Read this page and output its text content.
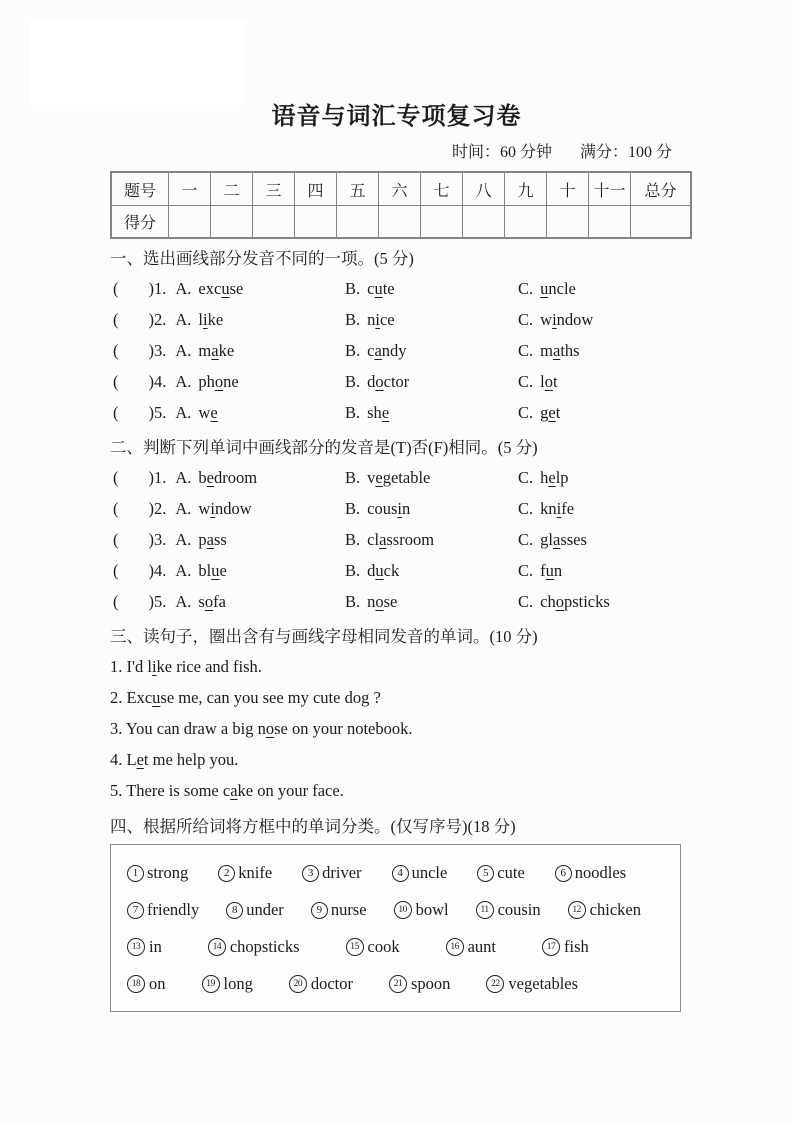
语音与词汇专项复习卷
时间：60 分钟 满分：100 分
题号	一	二	三	四	五	六	七	八	九	十	十一	总分
得分												
一、选出画线部分发音不同的一项。(5 分)
( )1. A. excuse	B. cute	C. uncle
( )2. A. like	B. nice	C. window
( )3. A. make	B. candy	C. maths
( )4. A. phone	B. doctor	C. lot
( )5. A. we	B. she	C. get
二、判断下列单词中画线部分的发音是(T)否(F)相同。(5 分)
( )1. A. bedroom	B. vegetable	C. help
( )2. A. window	B. cousin	C. knife
( )3. A. pass	B. classroom	C. glasses
( )4. A. blue	B. duck	C. fun
( )5. A. sofa	B. nose	C. chopsticks
三、读句子，圈出含有与画线字母相同发音的单词。(10 分)
1. I'd l i ke rice and fish.
2. Exc u se me, can you see my cute dog ?
3. You can draw a big n o se on your notebook.
4. L e t me help you.
5. There is some c a ke on your face.
四、根据所给词将方框中的单词分类。(仅写序号)(18 分)
1 strong	2 knife	3 driver	4 uncle	5 cute	6 noodles
7 friendly	8 under	9 nurse	10 bowl	11 cousin	12 chicken
13 in	14 chopsticks	15 cook	16 aunt	17 fish
18 on	19 long	20 doctor	21 spoon	22 vegetables
